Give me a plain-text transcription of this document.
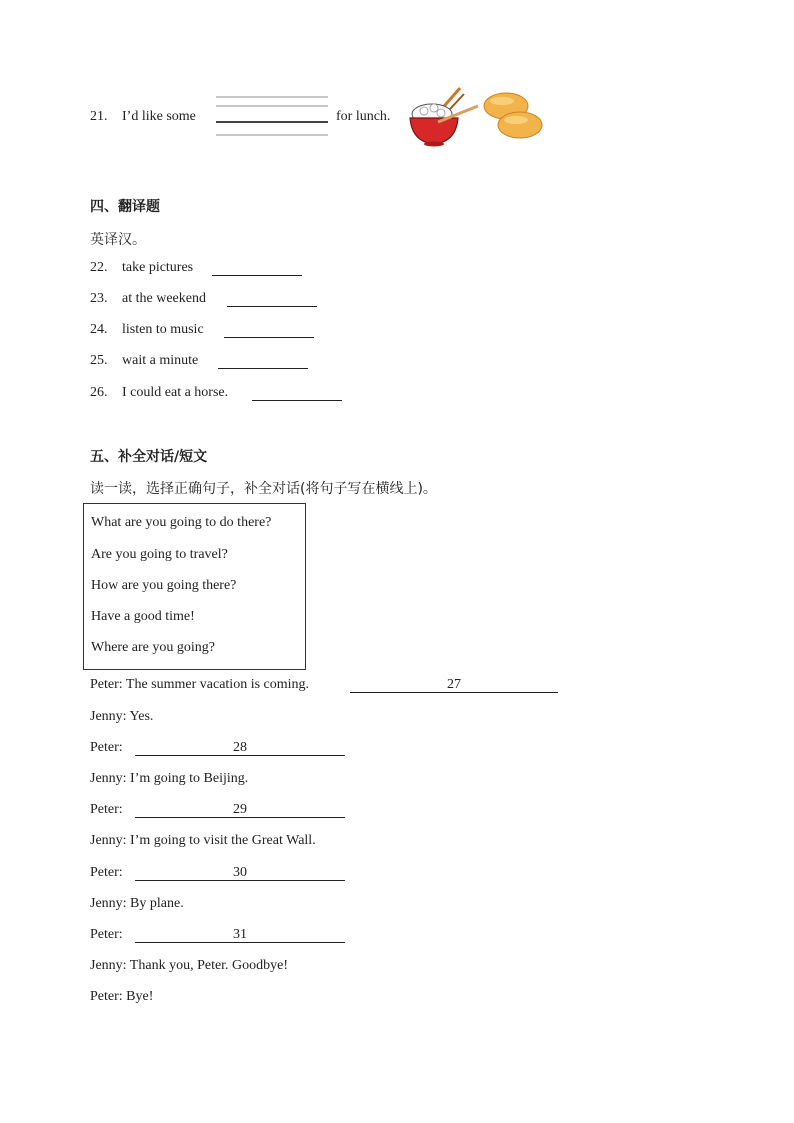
21. I’d like some	for lunch.
四、翻译题
英译汉。
22. take pictures
23. at the weekend
24. listen to music
25. wait a minute
26. I could eat a horse.
五、补全对话/短文
读一读，选择正确句子，补全对话(将句子写在横线上)。
What are you going to do there?
Are you going to travel?
How are you going there?
Have a good time!
Where are you going?
Peter: The summer vacation is coming.	27
Jenny: Yes.
Peter:	28
Jenny: I’m going to Beijing.
Peter:	29
Jenny: I’m going to visit the Great Wall.
Peter:	30
Jenny: By plane.
Peter:	31
Jenny: Thank you, Peter. Goodbye!
Peter: Bye!
